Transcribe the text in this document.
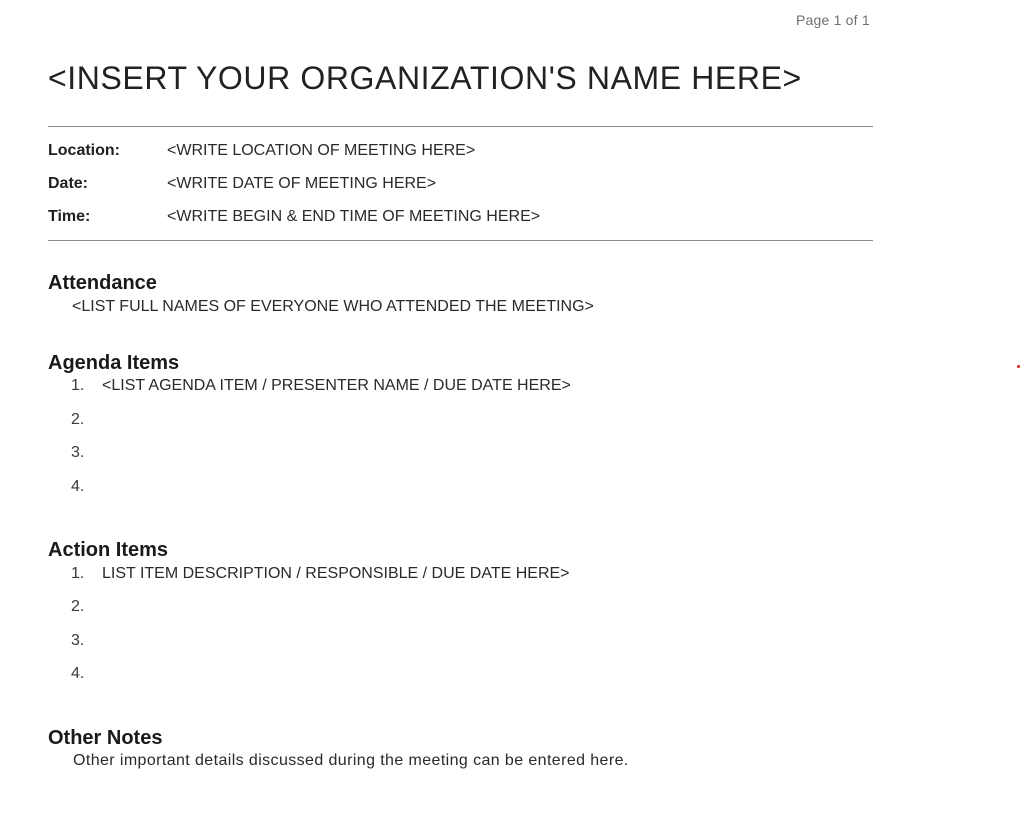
Page 1 of 1
<INSERT YOUR ORGANIZATION'S NAME HERE>
Location:	<WRITE LOCATION OF MEETING HERE>
Date:	<WRITE DATE OF MEETING HERE>
Time:	<WRITE BEGIN & END TIME OF MEETING HERE>
Attendance
<LIST FULL NAMES OF EVERYONE WHO ATTENDED THE MEETING>
Agenda Items
1. <LIST AGENDA ITEM / PRESENTER NAME / DUE DATE HERE>
2.
3.
4.
Action Items
1. LIST ITEM DESCRIPTION / RESPONSIBLE / DUE DATE HERE>
2.
3.
4.
Other Notes
Other important details discussed during the meeting can be entered here.
